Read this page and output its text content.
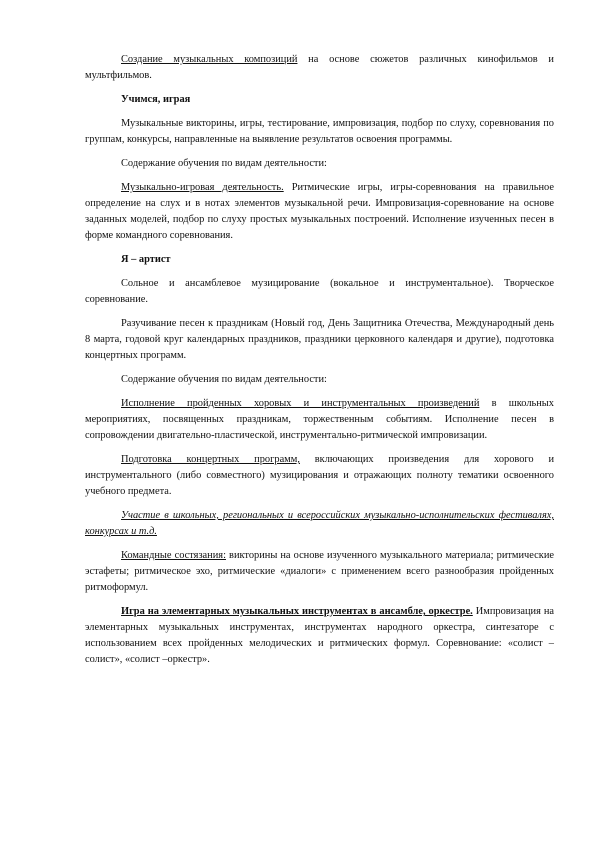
Создание музыкальных композиций на основе сюжетов различных кинофильмов и мультфильмов.

Учимся, играя

Музыкальные викторины, игры, тестирование, импровизация, подбор по слуху, соревнования по группам, конкурсы, направленные на выявление результатов освоения программы.

Содержание обучения по видам деятельности:

Музыкально-игровая деятельность. Ритмические игры, игры-соревнования на правильное определение на слух и в нотах элементов музыкальной речи. Импровизация-соревнование на основе заданных моделей, подбор по слуху простых музыкальных построений. Исполнение изученных песен в форме командного соревнования.

Я – артист

Сольное и ансамблевое музицирование (вокальное и инструментальное). Творческое соревнование.

Разучивание песен к праздникам (Новый год, День Защитника Отечества, Международный день 8 марта, годовой круг календарных праздников, праздники церковного календаря и другие), подготовка концертных программ.

Содержание обучения по видам деятельности:

Исполнение пройденных хоровых и инструментальных произведений в школьных мероприятиях, посвященных праздникам, торжественным событиям. Исполнение песен в сопровождении двигательно-пластической, инструментально-ритмической импровизации.

Подготовка концертных программ, включающих произведения для хорового и инструментального (либо совместного) музицирования и отражающих полноту тематики освоенного учебного предмета.

Участие в школьных, региональных и всероссийских музыкально-исполнительских фестивалях, конкурсах и т.д.

Командные состязания: викторины на основе изученного музыкального материала; ритмические эстафеты; ритмическое эхо, ритмические «диалоги» с применением всего разнообразия пройденных ритмоформул.

Игра на элементарных музыкальных инструментах в ансамбле, оркестре. Импровизация на элементарных музыкальных инструментах, инструментах народного оркестра, синтезаторе с использованием всех пройденных мелодических и ритмических формул. Соревнование: «солист –солист», «солист –оркестр».
